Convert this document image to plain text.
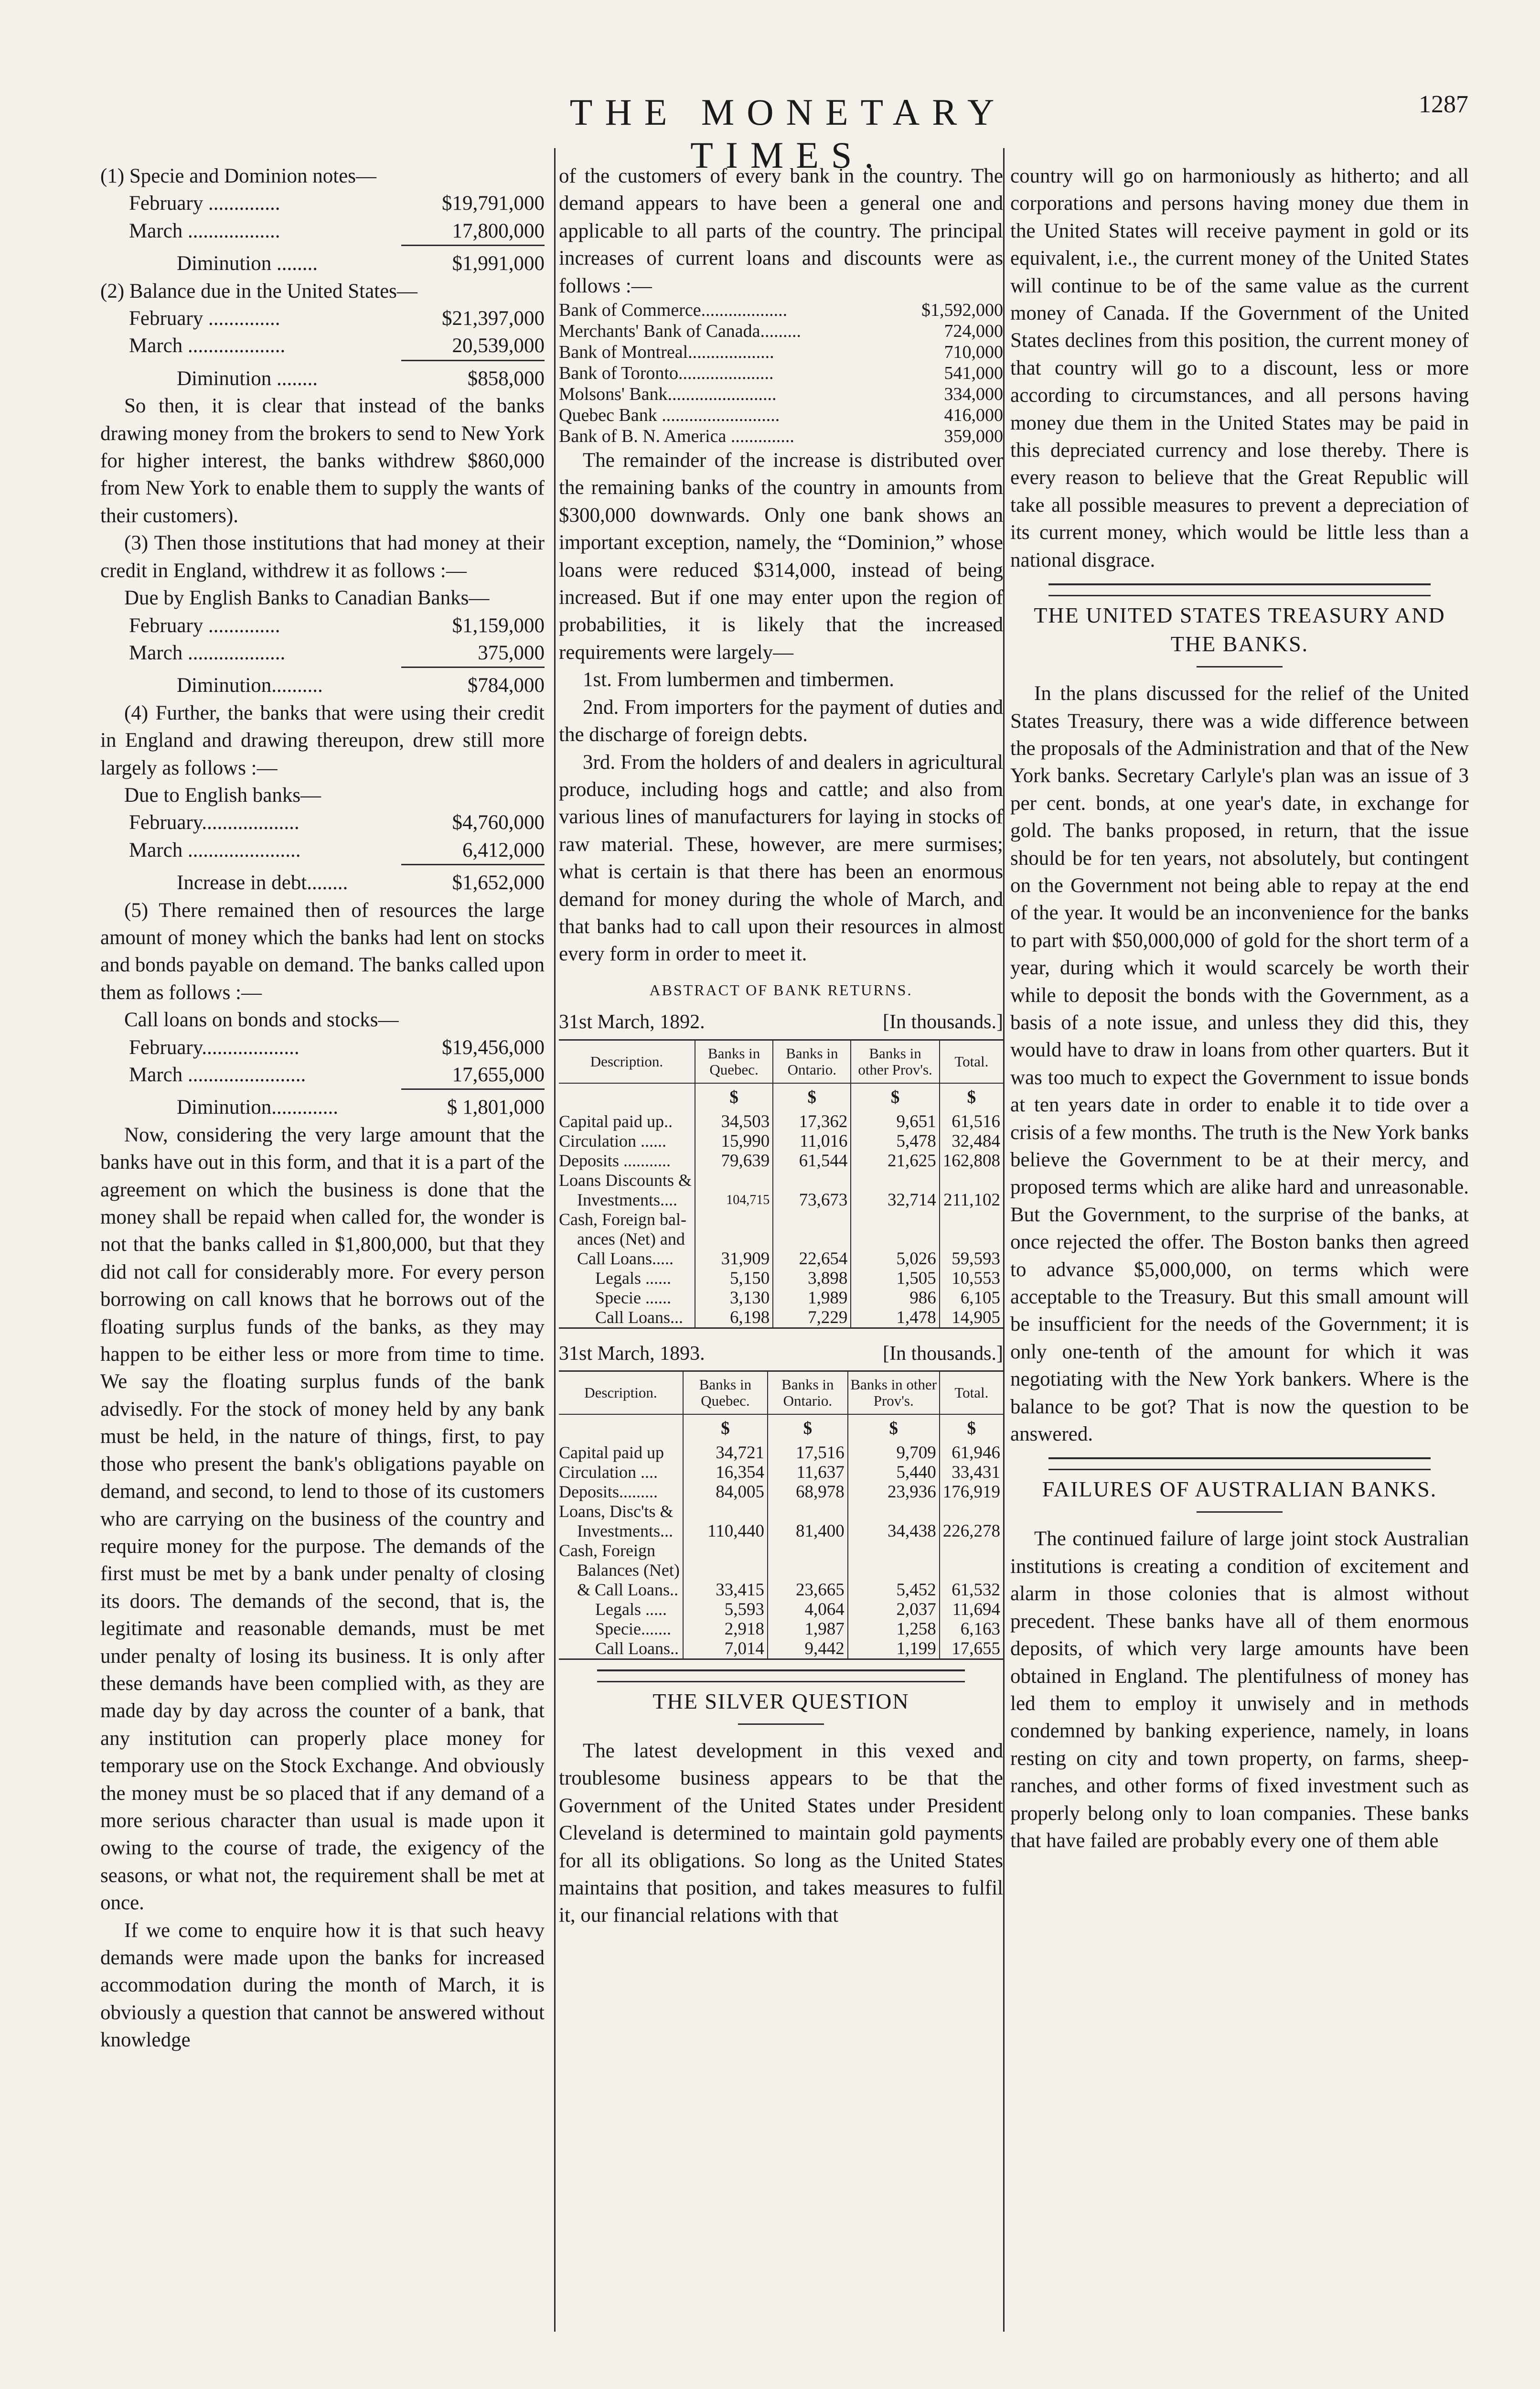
THE MONETARY TIMES.
1287

(1) Specie and Dominion notes—

February ..............	$19,791,000
March ..................	17,800,000
Diminution ........	$1,991,000

(2) Balance due in the United States—

February ..............	$21,397,000
March ...................	20,539,000
Diminution ........	$858,000

So then, it is clear that instead of the banks drawing money from the brokers to send to New York for higher interest, the banks withdrew $860,000 from New York to enable them to supply the wants of their customers).

(3) Then those institutions that had money at their credit in England, withdrew it as follows :—

Due by English Banks to Canadian Banks—

February ..............	$1,159,000
March ...................	375,000
Diminution..........	$784,000

(4) Further, the banks that were using their credit in England and drawing thereupon, drew still more largely as follows :—

Due to English banks—

February...................	$4,760,000
March ......................	6,412,000
Increase in debt........	$1,652,000

(5) There remained then of resources the large amount of money which the banks had lent on stocks and bonds payable on demand. The banks called upon them as follows :—

Call loans on bonds and stocks—

February...................	$19,456,000
March .......................	17,655,000
Diminution.............	$ 1,801,000

Now, considering the very large amount that the banks have out in this form, and that it is a part of the agreement on which the business is done that the money shall be repaid when called for, the wonder is not that the banks called in $1,800,000, but that they did not call for considerably more. For every person borrowing on call knows that he borrows out of the floating surplus funds of the banks, as they may happen to be either less or more from time to time. We say the floating surplus funds of the bank advisedly. For the stock of money held by any bank must be held, in the nature of things, first, to pay those who present the bank's obligations payable on demand, and second, to lend to those of its customers who are carrying on the business of the country and require money for the purpose. The demands of the first must be met by a bank under penalty of closing its doors. The demands of the second, that is, the legitimate and reasonable demands, must be met under penalty of losing its business. It is only after these demands have been complied with, as they are made day by day across the counter of a bank, that any institution can properly place money for temporary use on the Stock Exchange. And obviously the money must be so placed that if any demand of a more serious character than usual is made upon it owing to the course of trade, the exigency of the seasons, or what not, the requirement shall be met at once.

If we come to enquire how it is that such heavy demands were made upon the banks for increased accommodation during the month of March, it is obviously a question that cannot be answered without knowledge

of the customers of every bank in the country. The demand appears to have been a general one and applicable to all parts of the country. The principal increases of current loans and discounts were as follows :—

Bank of Commerce...................	$1,592,000
Merchants' Bank of Canada.........	724,000
Bank of Montreal...................	710,000
Bank of Toronto.....................	541,000
Molsons' Bank........................	334,000
Quebec Bank ..........................	416,000
Bank of B. N. America ..............	359,000

The remainder of the increase is distributed over the remaining banks of the country in amounts from $300,000 downwards. Only one bank shows an important exception, namely, the “Dominion,” whose loans were reduced $314,000, instead of being increased. But if one may enter upon the region of probabilities, it is likely that the increased requirements were largely—

1st. From lumbermen and timbermen.

2nd. From importers for the payment of duties and the discharge of foreign debts.

3rd. From the holders of and dealers in agricultural produce, including hogs and cattle; and also from various lines of manufacturers for laying in stocks of raw material. These, however, are mere surmises; what is certain is that there has been an enormous demand for money during the whole of March, and that banks had to call upon their resources in almost every form in order to meet it.

ABSTRACT OF BANK RETURNS.
31st March, 1892.	[In thousands.]
Description.	Banks in Quebec.	Banks in Ontario.	Banks in other Prov's.	Total.
	$	$	$	$

Capital paid up..	34,503	17,362	9,651	61,516
Circulation ......	15,990	11,016	5,478	32,484
Deposits ...........	79,639	61,544	21,625	162,808
Loans Discounts &				
Investments....	104,715	73,673	32,714	211,102
Cash, Foreign bal-				
ances (Net) and				
Call Loans.....	31,909	22,654	5,026	59,593
Legals ......	5,150	3,898	1,505	10,553
Specie ......	3,130	1,989	986	6,105
Call Loans...	6,198	7,229	1,478	14,905
31st March, 1893.	[In thousands.]
Description.	Banks in Quebec.	Banks in Ontario.	Banks in other Prov's.	Total.
	$	$	$	$

Capital paid up	34,721	17,516	9,709	61,946
Circulation ....	16,354	11,637	5,440	33,431
Deposits.........	84,005	68,978	23,936	176,919
Loans, Disc'ts &				
Investments...	110,440	81,400	34,438	226,278
Cash, Foreign				
Balances (Net)				
& Call Loans..	33,415	23,665	5,452	61,532
Legals .....	5,593	4,064	2,037	11,694
Specie.......	2,918	1,987	1,258	6,163
Call Loans..	7,014	9,442	1,199	17,655
THE SILVER QUESTION

The latest development in this vexed and troublesome business appears to be that the Government of the United States under President Cleveland is determined to maintain gold payments for all its obligations. So long as the United States maintains that position, and takes measures to fulfil it, our financial relations with that

country will go on harmoniously as hitherto; and all corporations and persons having money due them in the United States will receive payment in gold or its equivalent, i.e., the current money of the United States will continue to be of the same value as the current money of Canada. If the Government of the United States declines from this position, the current money of that country will go to a discount, less or more according to circumstances, and all persons having money due them in the United States may be paid in this depreciated currency and lose thereby. There is every reason to believe that the Great Republic will take all possible measures to prevent a depreciation of its current money, which would be little less than a national disgrace.

THE UNITED STATES TREASURY AND THE BANKS.

In the plans discussed for the relief of the United States Treasury, there was a wide difference between the proposals of the Administration and that of the New York banks. Secretary Carlyle's plan was an issue of 3 per cent. bonds, at one year's date, in exchange for gold. The banks proposed, in return, that the issue should be for ten years, not absolutely, but contingent on the Government not being able to repay at the end of the year. It would be an inconvenience for the banks to part with $50,000,000 of gold for the short term of a year, during which it would scarcely be worth their while to deposit the bonds with the Government, as a basis of a note issue, and unless they did this, they would have to draw in loans from other quarters. But it was too much to expect the Government to issue bonds at ten years date in order to enable it to tide over a crisis of a few months. The truth is the New York banks believe the Government to be at their mercy, and proposed terms which are alike hard and unreasonable. But the Government, to the surprise of the banks, at once rejected the offer. The Boston banks then agreed to advance $5,000,000, on terms which were acceptable to the Treasury. But this small amount will be insufficient for the needs of the Government; it is only one-tenth of the amount for which it was negotiating with the New York bankers. Where is the balance to be got? That is now the question to be answered.

FAILURES OF AUSTRALIAN BANKS.

The continued failure of large joint stock Australian institutions is creating a condition of excitement and alarm in those colonies that is almost without precedent. These banks have all of them enormous deposits, of which very large amounts have been obtained in England. The plentifulness of money has led them to employ it unwisely and in methods condemned by banking experience, namely, in loans resting on city and town property, on farms, sheep-ranches, and other forms of fixed investment such as properly belong only to loan companies. These banks that have failed are probably every one of them able
